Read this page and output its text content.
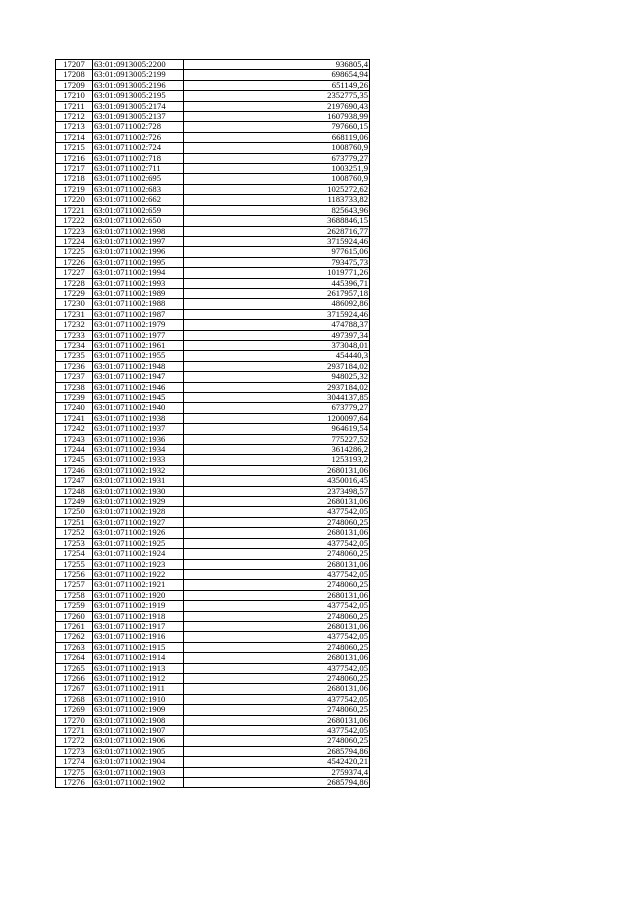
17207	63:01:0913005:2200	936805,4
17208	63:01:0913005:2199	698654,94
17209	63:01:0913005:2196	651149,26
17210	63:01:0913005:2195	2352775,35
17211	63:01:0913005:2174	2197690,43
17212	63:01:0913005:2137	1607938,99
17213	63:01:0711002:728	797660,15
17214	63:01:0711002:726	668119,06
17215	63:01:0711002:724	1008760,9
17216	63:01:0711002:718	673779,27
17217	63:01:0711002:711	1003251,9
17218	63:01:0711002:695	1008760,9
17219	63:01:0711002:683	1025272,62
17220	63:01:0711002:662	1183733,82
17221	63:01:0711002:659	825643,96
17222	63:01:0711002:650	3688846,15
17223	63:01:0711002:1998	2628716,77
17224	63:01:0711002:1997	3715924,46
17225	63:01:0711002:1996	977615,06
17226	63:01:0711002:1995	793475,73
17227	63:01:0711002:1994	1019771,26
17228	63:01:0711002:1993	445396,71
17229	63:01:0711002:1989	2617957,18
17230	63:01:0711002:1988	486092,86
17231	63:01:0711002:1987	3715924,46
17232	63:01:0711002:1979	474788,37
17233	63:01:0711002:1977	497397,34
17234	63:01:0711002:1961	373048,01
17235	63:01:0711002:1955	454440,3
17236	63:01:0711002:1948	2937184,02
17237	63:01:0711002:1947	948025,32
17238	63:01:0711002:1946	2937184,02
17239	63:01:0711002:1945	3044137,85
17240	63:01:0711002:1940	673779,27
17241	63:01:0711002:1938	1200097,64
17242	63:01:0711002:1937	964619,54
17243	63:01:0711002:1936	775227,52
17244	63:01:0711002:1934	3614286,2
17245	63:01:0711002:1933	1253193,2
17246	63:01:0711002:1932	2680131,06
17247	63:01:0711002:1931	4350016,45
17248	63:01:0711002:1930	2373498,57
17249	63:01:0711002:1929	2680131,06
17250	63:01:0711002:1928	4377542,05
17251	63:01:0711002:1927	2748060,25
17252	63:01:0711002:1926	2680131,06
17253	63:01:0711002:1925	4377542,05
17254	63:01:0711002:1924	2748060,25
17255	63:01:0711002:1923	2680131,06
17256	63:01:0711002:1922	4377542,05
17257	63:01:0711002:1921	2748060,25
17258	63:01:0711002:1920	2680131,06
17259	63:01:0711002:1919	4377542,05
17260	63:01:0711002:1918	2748060,25
17261	63:01:0711002:1917	2680131,06
17262	63:01:0711002:1916	4377542,05
17263	63:01:0711002:1915	2748060,25
17264	63:01:0711002:1914	2680131,06
17265	63:01:0711002:1913	4377542,05
17266	63:01:0711002:1912	2748060,25
17267	63:01:0711002:1911	2680131,06
17268	63:01:0711002:1910	4377542,05
17269	63:01:0711002:1909	2748060,25
17270	63:01:0711002:1908	2680131,06
17271	63:01:0711002:1907	4377542,05
17272	63:01:0711002:1906	2748060,25
17273	63:01:0711002:1905	2685794,86
17274	63:01:0711002:1904	4542420,21
17275	63:01:0711002:1903	2759374,4
17276	63:01:0711002:1902	2685794,86
